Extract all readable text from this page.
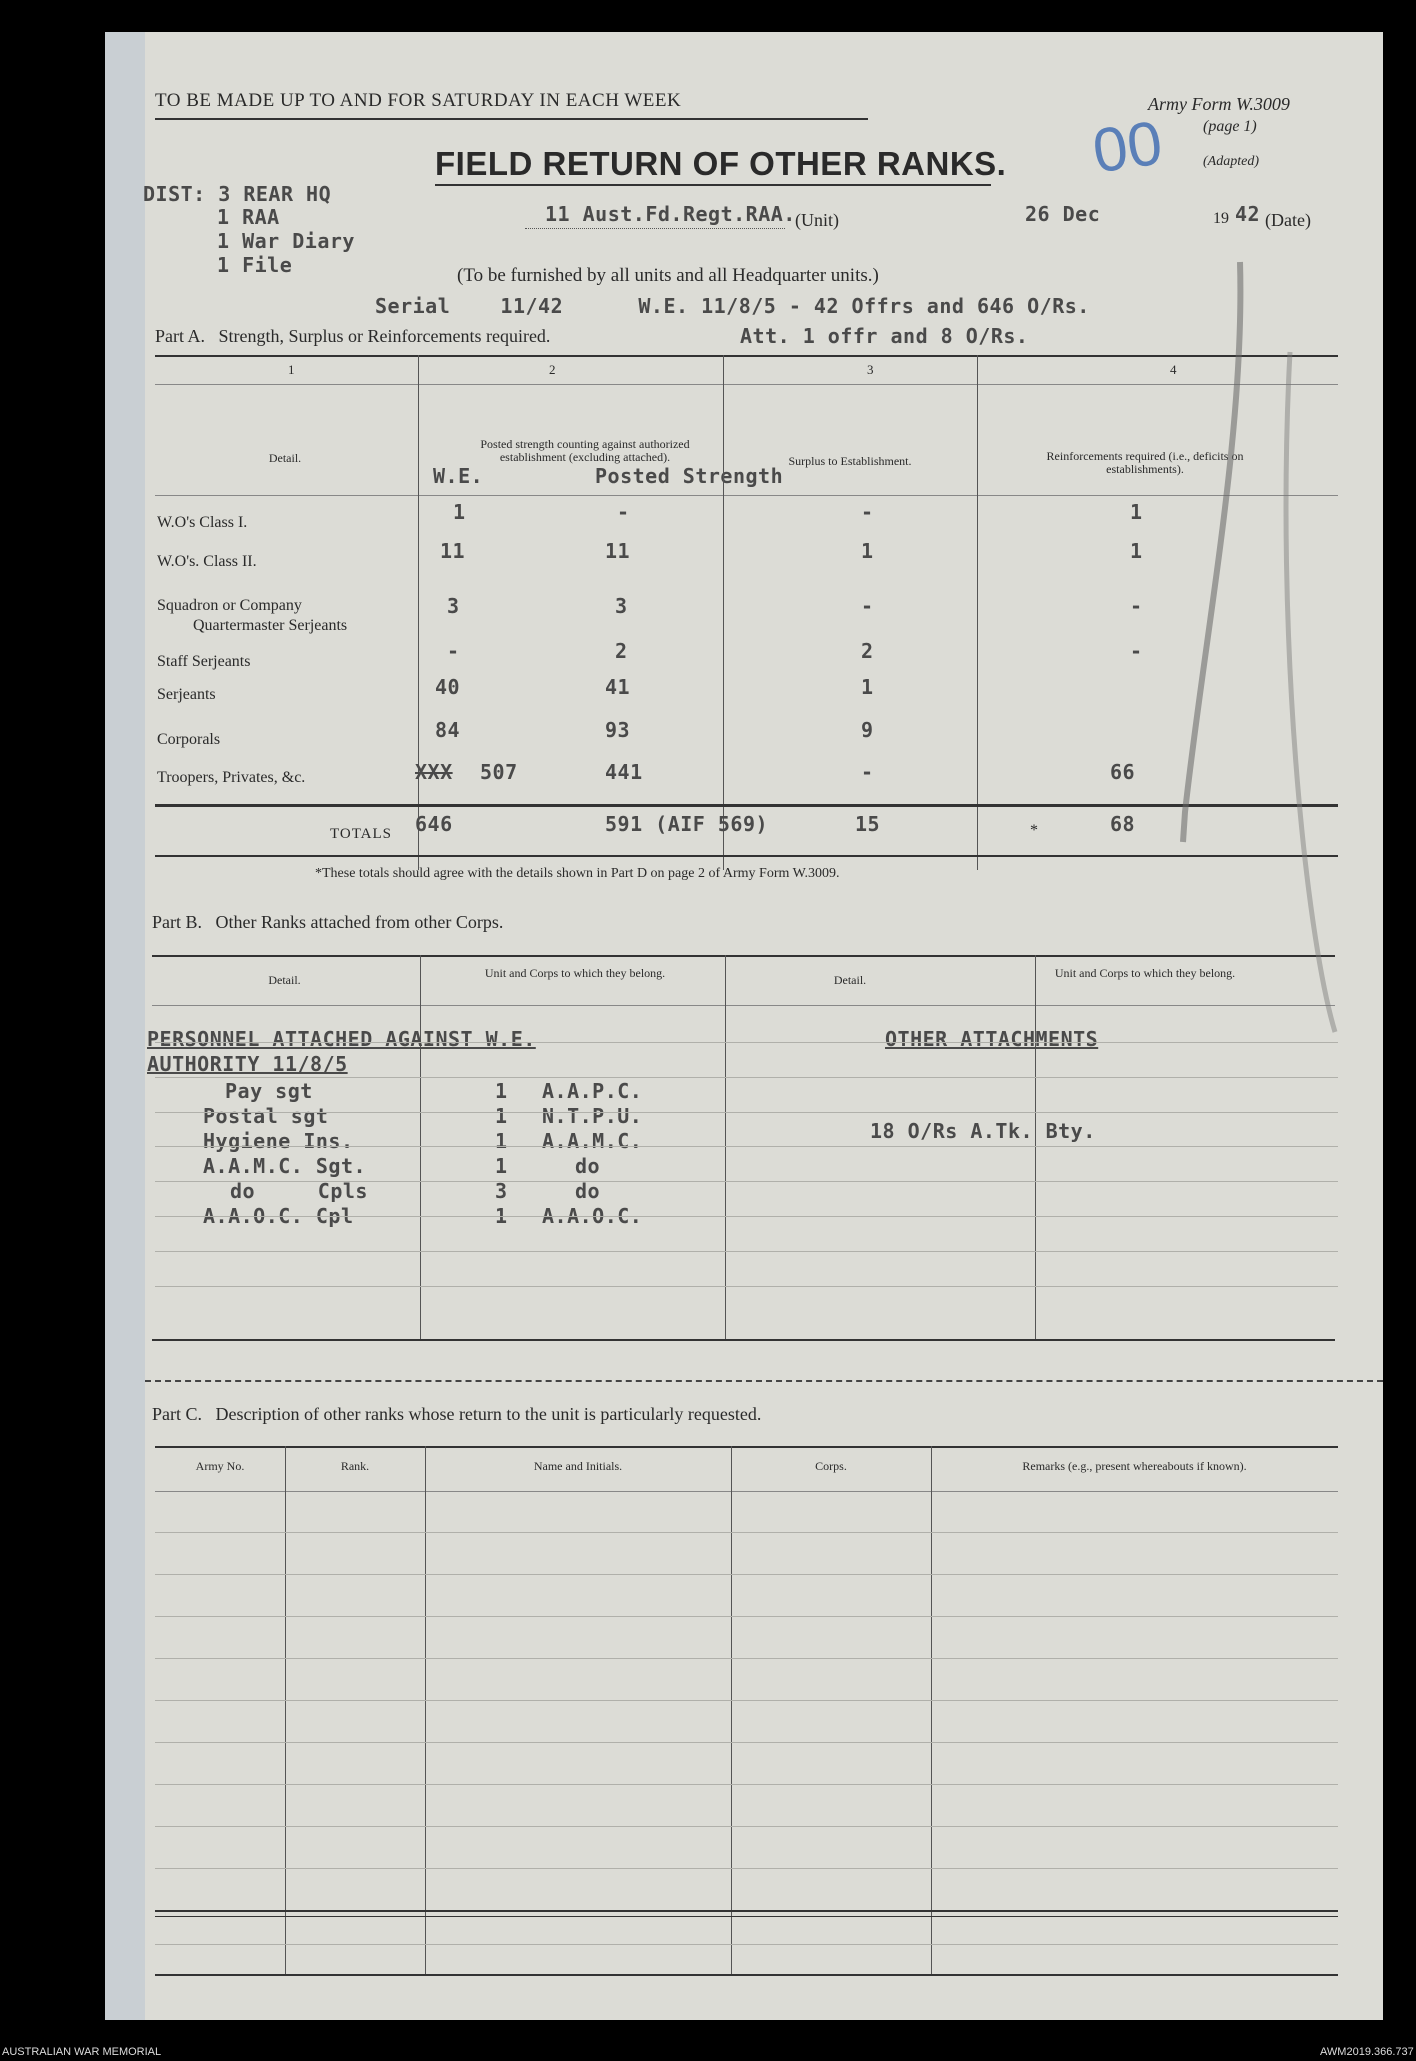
TO BE MADE UP TO AND FOR SATURDAY IN EACH WEEK	Army Form W.3009
(page 1)
(Adapted)
00
FIELD RETURN OF OTHER RANKS.
DIST: 3 REAR HQ
1 RAA
1 War Diary
1 File
11 Aust.Fd.Regt.RAA. (Unit)	26 Dec	19 42 (Date)
(To be furnished by all units and all Headquarter units.)
Serial    11/42      W.E. 11/8/5 - 42 Offrs and 646 O/Rs.
Att. 1 offr and 8 O/Rs.
Part A.   Strength, Surplus or Reinforcements required.
1	2	3	4
Detail.
Posted strength counting against authorized establishment (excluding attached).	Surplus to Establishment.	Reinforcements required (i.e., deficits on establishments).
W.E.	Posted Strength
W.O's Class I.	1	-	-	1
W.O's. Class II.	11	11	1	1
Squadron or Company
Quartermaster Serjeants
3	3	-	-
Staff Serjeants	-	2	2	-
Serjeants	40	41	1
Corporals	84	93	9
Troopers, Privates, &c.	XXX 507	441	-	66
TOTALS 646	591 (AIF 569)	15	*	68
*These totals should agree with the details shown in Part D on page 2 of Army Form W.3009.
Part B.   Other Ranks attached from other Corps.
Detail.	Unit and Corps to which they belong.	Detail.	Unit and Corps to which they belong.
PERSONNEL ATTACHED AGAINST W.E.
AUTHORITY 11/8/5
OTHER ATTACHMENTS
Pay sgt	1 A.A.P.C.
Postal sgt	1 N.T.P.U.
Hygiene Ins.	1 A.A.M.C.
A.A.M.C. Sgt.	1	do
do     Cpls	3	do
A.A.O.C. Cpl	1 A.A.O.C.
18 O/Rs A.Tk. Bty.
Part C.   Description of other ranks whose return to the unit is particularly requested.
Army No.	Rank.	Name and Initials.	Corps.	Remarks (e.g., present whereabouts if known).
AUSTRALIAN WAR MEMORIAL	AWM2019.366.737
